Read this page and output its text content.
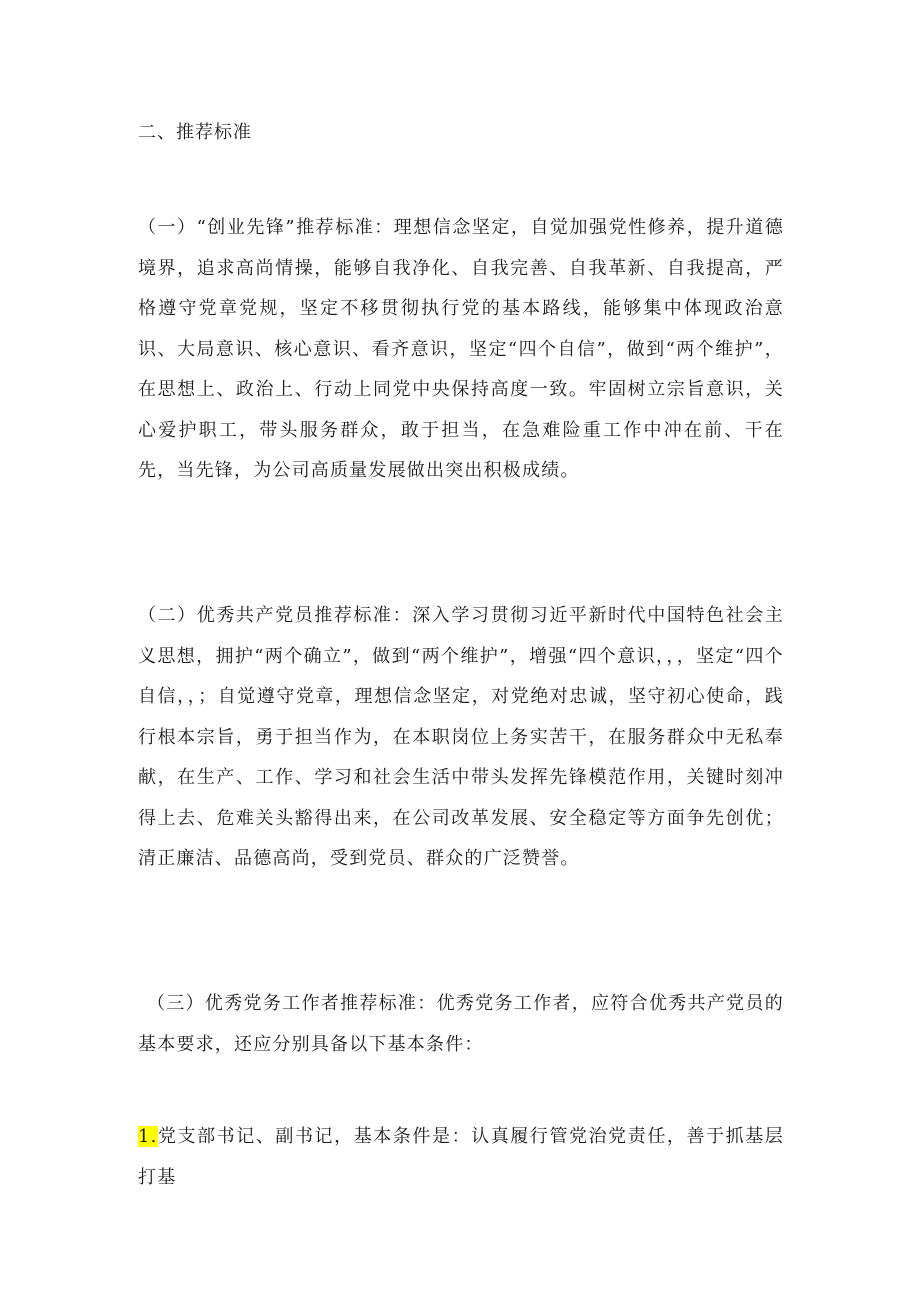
二、推荐标准

（一）“创业先锋”推荐标准：理想信念坚定，自觉加强党性修养，提升道德境界，追求高尚情操，能够自我净化、自我完善、自我革新、自我提高，严格遵守党章党规，坚定不移贯彻执行党的基本路线，能够集中体现政治意识、大局意识、核心意识、看齐意识，坚定“四个自信”，做到“两个维护”，在思想上、政治上、行动上同党中央保持高度一致。牢固树立宗旨意识，关心爱护职工，带头服务群众，敢于担当，在急难险重工作中冲在前、干在先，当先锋，为公司高质量发展做出突出积极成绩。

（二）优秀共产党员推荐标准：深入学习贯彻习近平新时代中国特色社会主义思想，拥护“两个确立”，做到“两个维护”，增强“四个意识，，，坚定“四个自信，，；自觉遵守党章，理想信念坚定，对党绝对忠诚，坚守初心使命，践行根本宗旨，勇于担当作为，在本职岗位上务实苦干，在服务群众中无私奉献，在生产、工作、学习和社会生活中带头发挥先锋模范作用，关键时刻冲得上去、危难关头豁得出来，在公司改革发展、安全稳定等方面争先创优；清正廉洁、品德高尚，受到党员、群众的广泛赞誉。

（三）优秀党务工作者推荐标准：优秀党务工作者，应符合优秀共产党员的基本要求，还应分别具备以下基本条件：

1.党支部书记、副书记，基本条件是：认真履行管党治党责任，善于抓基层打基
